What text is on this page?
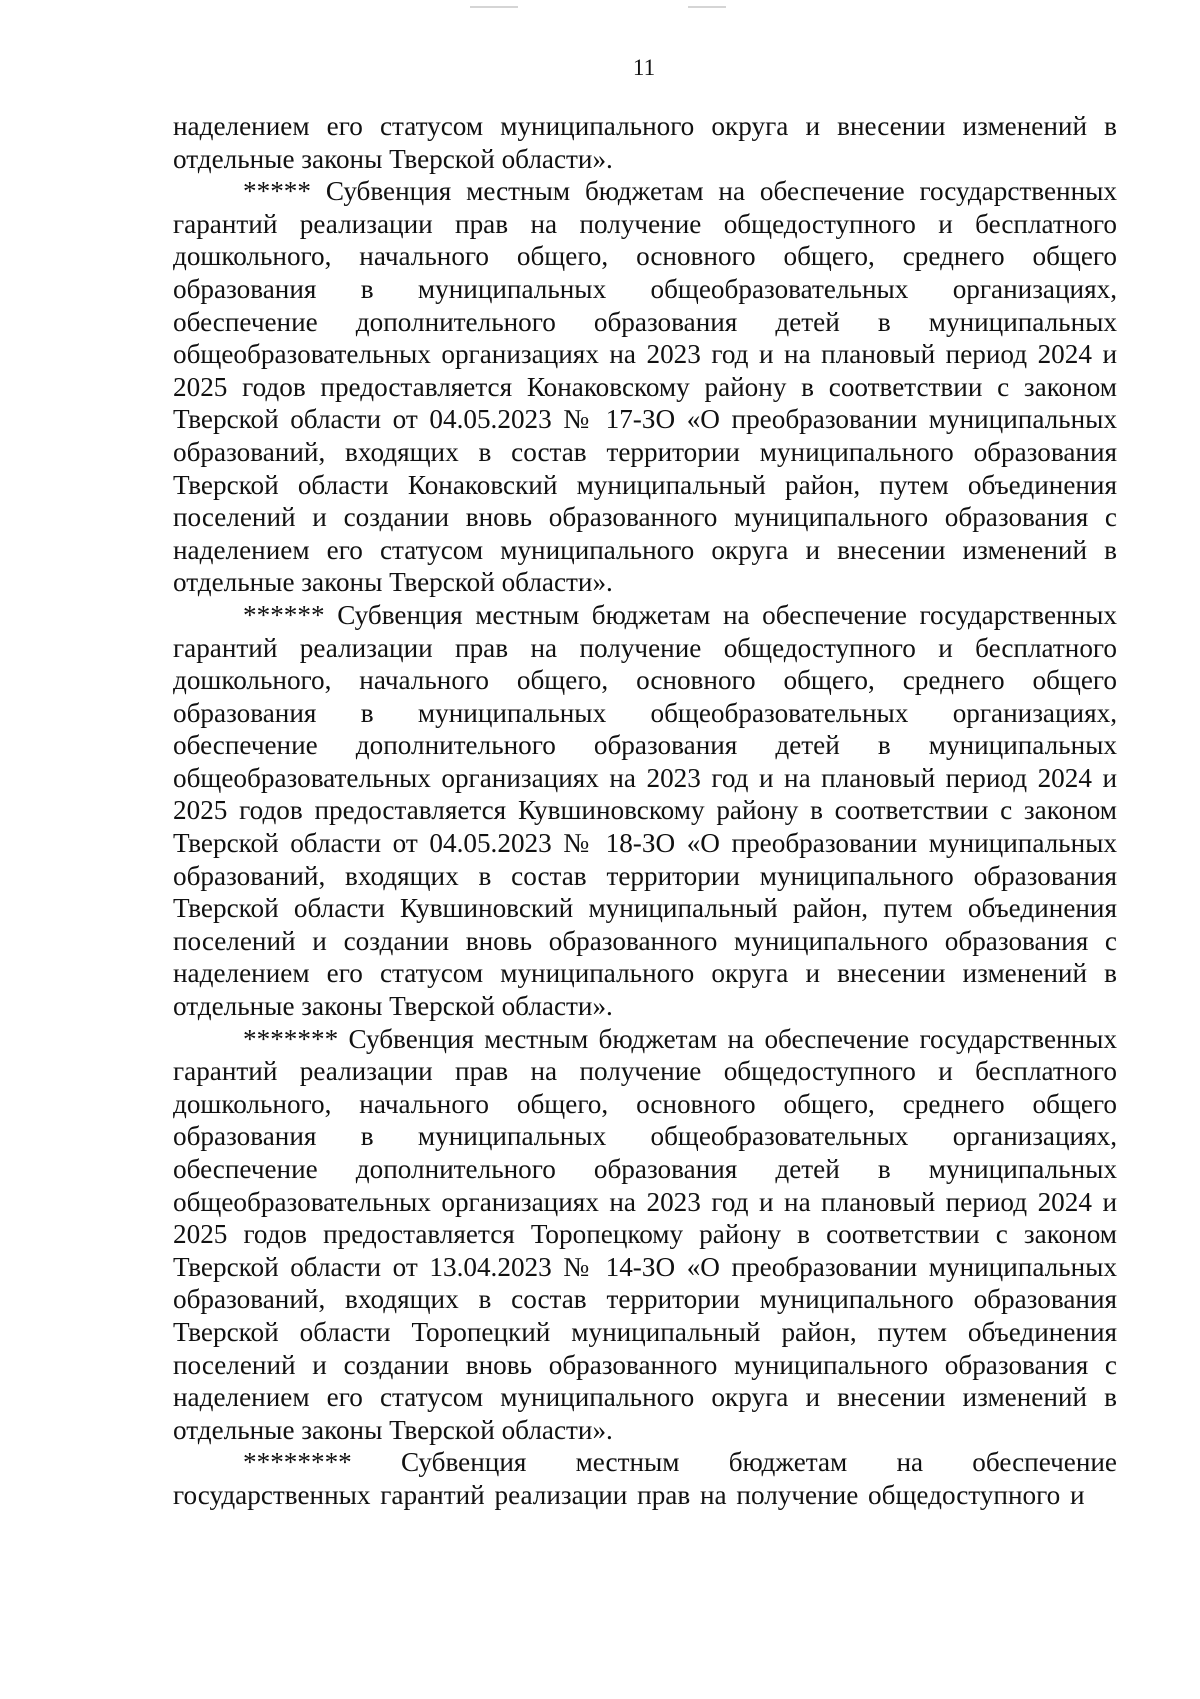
11

наделением его статусом муниципального округа и внесении изменений в отдельные законы Тверской области».

***** Субвенция местным бюджетам на обеспечение государственных гарантий реализации прав на получение общедоступного и бесплатного дошкольного, начального общего, основного общего, среднего общего образования в муниципальных общеобразовательных организациях, обеспечение дополнительного образования детей в муниципальных общеобразовательных организациях на 2023 год и на плановый период 2024 и 2025 годов предоставляется Конаковскому району в соответствии с законом Тверской области от 04.05.2023 № 17-ЗО «О преобразовании муниципальных образований, входящих в состав территории муниципального образования Тверской области Конаковский муниципальный район, путем объединения поселений и создании вновь образованного муниципального образования с наделением его статусом муниципального округа и внесении изменений в отдельные законы Тверской области».

****** Субвенция местным бюджетам на обеспечение государственных гарантий реализации прав на получение общедоступного и бесплатного дошкольного, начального общего, основного общего, среднего общего образования в муниципальных общеобразовательных организациях, обеспечение дополнительного образования детей в муниципальных общеобразовательных организациях на 2023 год и на плановый период 2024 и 2025 годов предоставляется Кувшиновскому району в соответствии с законом Тверской области от 04.05.2023 № 18-ЗО «О преобразовании муниципальных образований, входящих в состав территории муниципального образования Тверской области Кувшиновский муниципальный район, путем объединения поселений и создании вновь образованного муниципального образования с наделением его статусом муниципального округа и внесении изменений в отдельные законы Тверской области».

******* Субвенция местным бюджетам на обеспечение государственных гарантий реализации прав на получение общедоступного и бесплатного дошкольного, начального общего, основного общего, среднего общего образования в муниципальных общеобразовательных организациях, обеспечение дополнительного образования детей в муниципальных общеобразовательных организациях на 2023 год и на плановый период 2024 и 2025 годов предоставляется Торопецкому району в соответствии с законом Тверской области от 13.04.2023 № 14-ЗО «О преобразовании муниципальных образований, входящих в состав территории муниципального образования Тверской области Торопецкий муниципальный район, путем объединения поселений и создании вновь образованного муниципального образования с наделением его статусом муниципального округа и внесении изменений в отдельные законы Тверской области».

******** Субвенция местным бюджетам на обеспечение государственных гарантий реализации прав на получение общедоступного и
